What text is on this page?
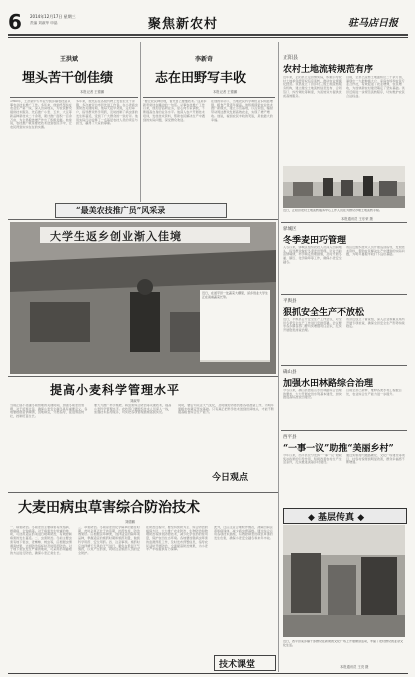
6 2014年12月17日 星期三
责编 刘淑华 申晶	聚焦新农村	驻马店日报
王洪斌
埋头苦干创佳绩
本报记者 王德鹏
1980年，王洪斌中专毕业分到乡镇农技站从事农业技术推广工作。多年来，他始终坚持在农业生产第一线，深入田间地头，为农民群众提供技术服务，先后推广小麦、玉米、大豆等新品种新技术二十余项，累计推广面积一百余万亩，为全县粮食增产作出了积极贡献。他常说，农技推广就是要把技术送到农民手中，让农民得到实实在在的实惠。
多年来，他先后在各级刊物上发表论文十余篇，多次被评为市县先进工作者。在小麦病虫害防治关键时期，他每天起早贪黑，走村串户，指导群众科学用药，及时控制了病虫害的发生和蔓延，受到了广大群众的一致好评。他用实际行动诠释了一名基层农技人员的责任与担当，赢得了大家的尊重。
李新奇
志在田野写丰收
本报记者 王德鹏
“要让农民种好地，首先自己要懂技术。”这是李新奇常挂在嘴边的一句话。从事农技推广工作以来，他刻苦钻研业务，虚心向专家请教，不断提高自身的业务水平。他深入农户开展技术培训，发放技术资料，帮助农民解决生产中遇到的实际问题，深受群众欢迎。
在他的带动下，当地农民科学种田意识明显增强，粮食产量逐年提高。他积极探索农业技术推广新模式，建立示范基地，以点带面，辐射带动周边群众发展高效农业，实现了增产增收。他说，看到农民丰收的笑脸，是他最大的幸福。
“最美农技推广员”风采录
正阳县
农村土地流转规范有序
近年来，正阳县立足县情实际，积极引导农村土地承包经营权有序流转，推动农业规模化经营。该县成立了县乡村三级土地流转服务机构，建立健全土地流转信息发布、合同签订、纠纷调处等制度，为流转双方提供优质高效服务。
目前，全县已流转土地面积达二十余万亩，涌现出一大批种植大户、家庭农场和农民专业合作社，有效促进了农业增效、农民增收，为加快新农村建设奠定了坚实基础。该县还将进一步规范流转程序，切实维护农民合法权益。
近日，正阳县农村土地流转服务中心工作人员在为群众办理土地流转手续。
本报通讯员 王东荣 摄
大学生返乡创业渐入佳境
近日，在遂平县一处蔬菜大棚里，返乡创业大学生正在查看蔬菜长势。
驿城区
冬季麦田巧管理
入冬以来，驿城区组织农技人员深入田间地头，指导群众做好冬季麦田管理。针对当前苗情墒情，科学制定管理措施，及时开展冬灌、镇压、化学除草等工作，确保小麦安全越冬。
该区还组织技术人员开展巡回指导，发放技术资料，帮助农民解决生产中遇到的实际问题，为明年夏粮丰收打下良好基础。
平舆县
狠抓安全生产不放松
近日，平舆县召开安全生产工作会议，对全县冬季安全生产工作进行安排部署。会议要求各乡镇各部门要切实增强责任意识，扎实开展隐患排查治理。
该县还成立了督查组，深入企业和重点场所开展专项检查，确保全县安全生产形势持续稳定。
确山县
加强水田林路综合治理
今冬以来，确山县按照山水田林路综合治理的要求，大力开展农田水利基本建设，加快推进高标准农田建设。
目前全县已新修、维修各类水利工程数百处，农业综合生产能力进一步提升。
西平县
“一事一议”助推“美丽乡村”
今年以来，西平县充分发挥“一事一议”财政奖补政策的引导作用，积极改善农村生产生活条件，扎实推进美丽乡村建设。
通过实施村内道路硬化、文化广场建设等项目，村容村貌得到明显改善，群众幸福感不断增强。
提高小麦科学管理水平
刘淑华
当前正值小麦越冬前管理的关键时期，加强冬前麦田管理，对于培育壮苗、确保小麦安全越冬具有重要意义。各地要根据苗情墒情，因地制宜，分类指导，促进弱苗转壮，控制旺苗生长。
要大力推广科学施肥、病虫害综合防治等关键技术，提高小麦科学管理水平。农技部门要组织技术人员深入一线，加强技术指导服务，切实把各项管理措施落到实处。
同时，要密切关注天气变化，及时做好防冻抗寒各项准备工作，为明年夏粮丰收奠定坚实基础。只有真正把科学技术送到田间地头，才能不断提高粮食综合生产能力。
今日观点
大麦田病虫草害综合防治技术
刘德鹏
一、病害防治。冬前麦田主要病害有纹枯病、根腐病、全蚀病等。对于病害发生较重的地块，可选用适宜药剂进行喷雾防治，有效控制病害的发生蔓延。二、虫害防治。冬前主要虫害有地下害虫、麦蜘蛛、蚜虫等，应根据虫情调查结果，达到防治指标时及时用药防治。对于地下害虫发生严重的地块，可采用药剂灌根的方法进行防治，确保小麦正常生长。
三、草害防治。冬前是麦田化学除草的最佳时期，此时杂草正处于幼苗期，抗药性差，防治效果好。应根据杂草种类，选择适宜的除草剂品种，掌握适宜的施药时期和施药剂量，做到科学用药、安全用药。四、注意事项。施药时应选择晴天无风的天气进行，避免在低温天气施药，以免产生药害，同时注意施药人员的安全防护。
在防治过程中，要坚持预防为主、综合防治的植保方针，大力推广农业防治、生物防治和物理防治等绿色防控技术，减少化学农药的使用量，保护农田生态环境。各地要加强病虫草害的监测预报工作，及时发布预警信息，指导农民适时开展防治，全面提高防治效果，为小麦丰产丰收提供有力保障。
技术课堂
此外，还应注意合理轮作倒茬，清除田间杂草和病残体，减少病虫源基数。通过综合运用各项技术措施，有效控制麦田病虫草害的发生危害，确保小麦安全越冬和来年丰收。
◆ 基层传真 ◆
近日，西平县某乡镇干部群众在新建的文化广场上开展健身活动，丰富了农村群众的业余文化生活。
本报通讯员 王亮 摄
